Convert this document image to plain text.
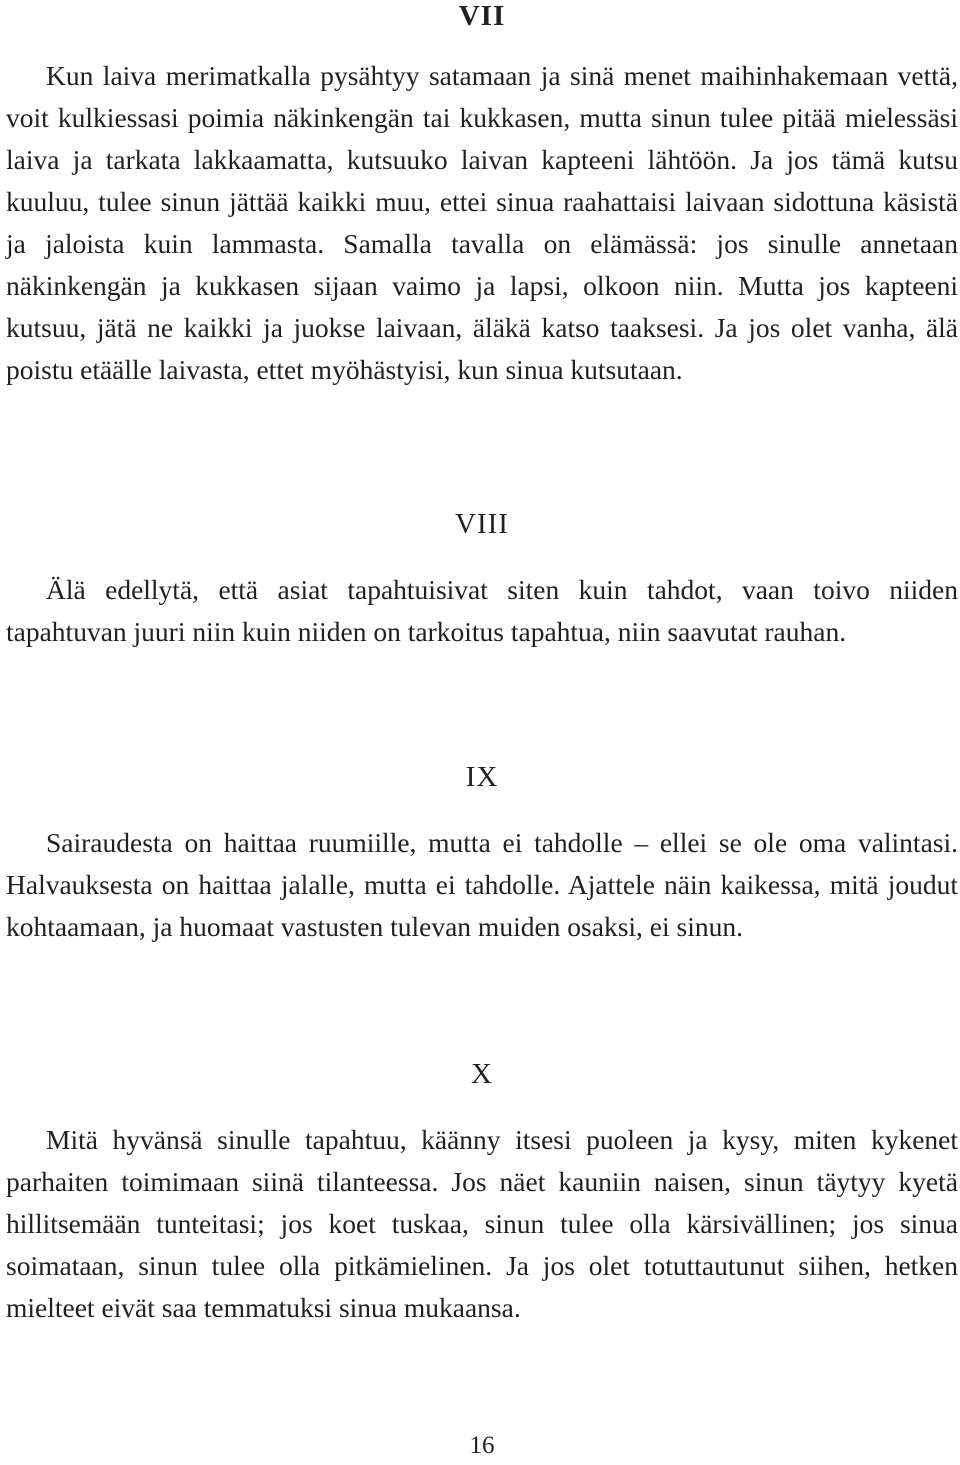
VII

Kun laiva merimatkalla pysähtyy satamaan ja sinä menet maihinhakemaan vettä, voit kulkiessasi poimia näkinkengän tai kukkasen, mutta sinun tulee pitää mielessäsi laiva ja tarkata lakkaamatta, kutsuuko laivan kapteeni lähtöön. Ja jos tämä kutsu kuuluu, tulee sinun jättää kaikki muu, ettei sinua raahattaisi laivaan sidottuna käsistä ja jaloista kuin lammasta. Samalla tavalla on elämässä: jos sinulle annetaan näkinkengän ja kukkasen sijaan vaimo ja lapsi, olkoon niin. Mutta jos kapteeni kutsuu, jätä ne kaikki ja juokse laivaan, äläkä katso taaksesi. Ja jos olet vanha, älä poistu etäälle laivasta, ettet myöhästyisi, kun sinua kutsutaan.

VIII

Älä edellytä, että asiat tapahtuisivat siten kuin tahdot, vaan toivo niiden tapahtuvan juuri niin kuin niiden on tarkoitus tapahtua, niin saavutat rauhan.

IX

Sairaudesta on haittaa ruumiille, mutta ei tahdolle – ellei se ole oma valintasi. Halvauksesta on haittaa jalalle, mutta ei tahdolle. Ajattele näin kaikessa, mitä joudut kohtaamaan, ja huomaat vastusten tulevan muiden osaksi, ei sinun.

X

Mitä hyvänsä sinulle tapahtuu, käänny itsesi puoleen ja kysy, miten kykenet parhaiten toimimaan siinä tilanteessa. Jos näet kauniin naisen, sinun täytyy kyetä hillitsemään tunteitasi; jos koet tuskaa, sinun tulee olla kärsivällinen; jos sinua soimataan, sinun tulee olla pitkämielinen. Ja jos olet totuttautunut siihen, hetken mielteet eivät saa temmatuksi sinua mukaansa.

16
